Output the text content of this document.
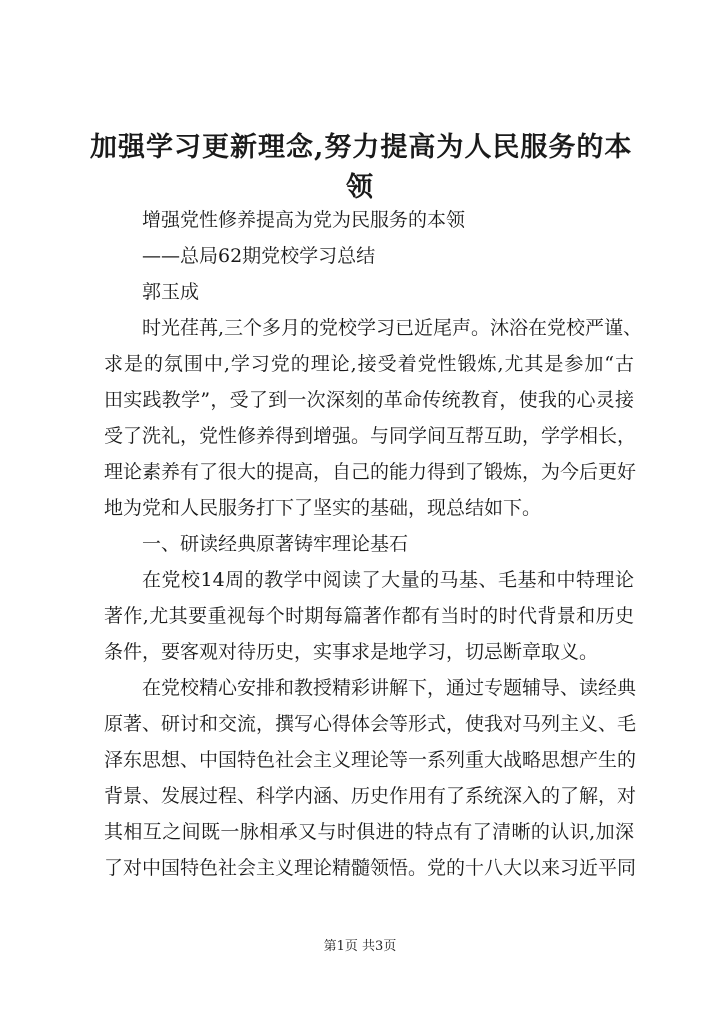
加强学习更新理念,努力提高为人民服务的本
领
增强党性修养提高为党为民服务的本领
——总局62期党校学习总结
郭玉成
时光荏苒,三个多月的党校学习已近尾声。沐浴在党校严谨、
求是的氛围中,学习党的理论,接受着党性锻炼,尤其是参加“古
田实践教学”，受了到一次深刻的革命传统教育，使我的心灵接
受了洗礼，党性修养得到增强。与同学间互帮互助，学学相长，
理论素养有了很大的提高，自己的能力得到了锻炼，为今后更好
地为党和人民服务打下了坚实的基础，现总结如下。
一、研读经典原著铸牢理论基石
在党校14周的教学中阅读了大量的马基、毛基和中特理论
著作,尤其要重视每个时期每篇著作都有当时的时代背景和历史
条件，要客观对待历史，实事求是地学习，切忌断章取义。
在党校精心安排和教授精彩讲解下，通过专题辅导、读经典
原著、研讨和交流，撰写心得体会等形式，使我对马列主义、毛
泽东思想、中国特色社会主义理论等一系列重大战略思想产生的
背景、发展过程、科学内涵、历史作用有了系统深入的了解，对
其相互之间既一脉相承又与时俱进的特点有了清晰的认识,加深
了对中国特色社会主义理论精髓领悟。党的十八大以来习近平同
第1页 共3页
